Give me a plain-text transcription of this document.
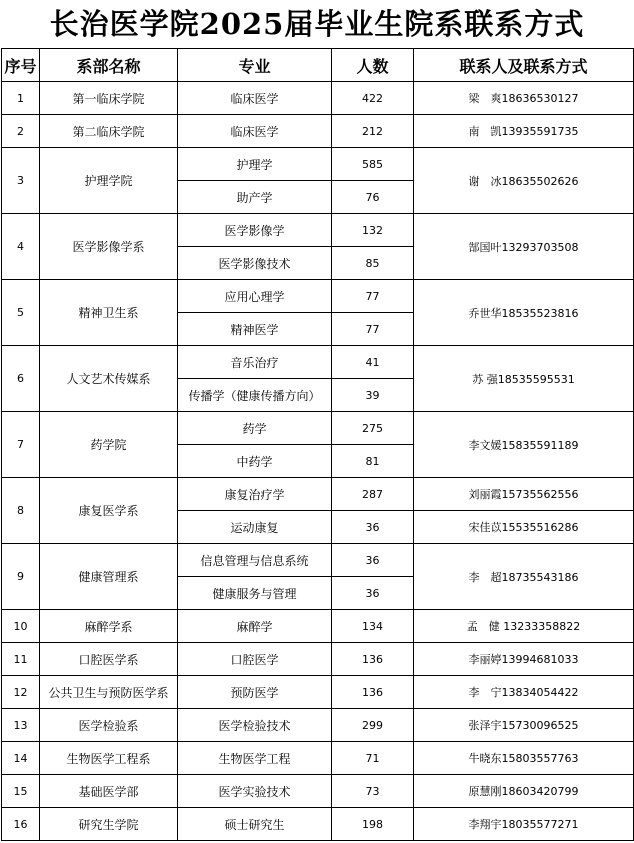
长治医学院2025届毕业生院系联系方式
序号	系部名称	专业	人数	联系人及联系方式
1	第一临床学院	临床医学	422	梁　爽18636530127
2	第二临床学院	临床医学	212	南　凯13935591735
3	护理学院	护理学	585	谢　冰18635502626
		助产学	76	
4	医学影像学系	医学影像学	132	郜国叶13293703508
		医学影像技术	85	
5	精神卫生系	应用心理学	77	乔世华18535523816
		精神医学	77	
6	人文艺术传媒系	音乐治疗	41	苏 强18535595531
		传播学（健康传播方向）	39	
7	药学院	药学	275	李文媛15835591189
		中药学	81	
8	康复医学系	康复治疗学	287	刘丽霞15735562556
		运动康复	36	宋佳苡15535516286
9	健康管理系	信息管理与信息系统	36	李　超18735543186
		健康服务与管理	36	
10	麻醉学系	麻醉学	134	孟　健 13233358822
11	口腔医学系	口腔医学	136	李丽婷13994681033
12	公共卫生与预防医学系	预防医学	136	李　宁13834054422
13	医学检验系	医学检验技术	299	张泽宇15730096525
14	生物医学工程系	生物医学工程	71	牛晓东15803557763
15	基础医学部	医学实验技术	73	原慧刚18603420799
16	研究生学院	硕士研究生	198	李翔宇18035577271
